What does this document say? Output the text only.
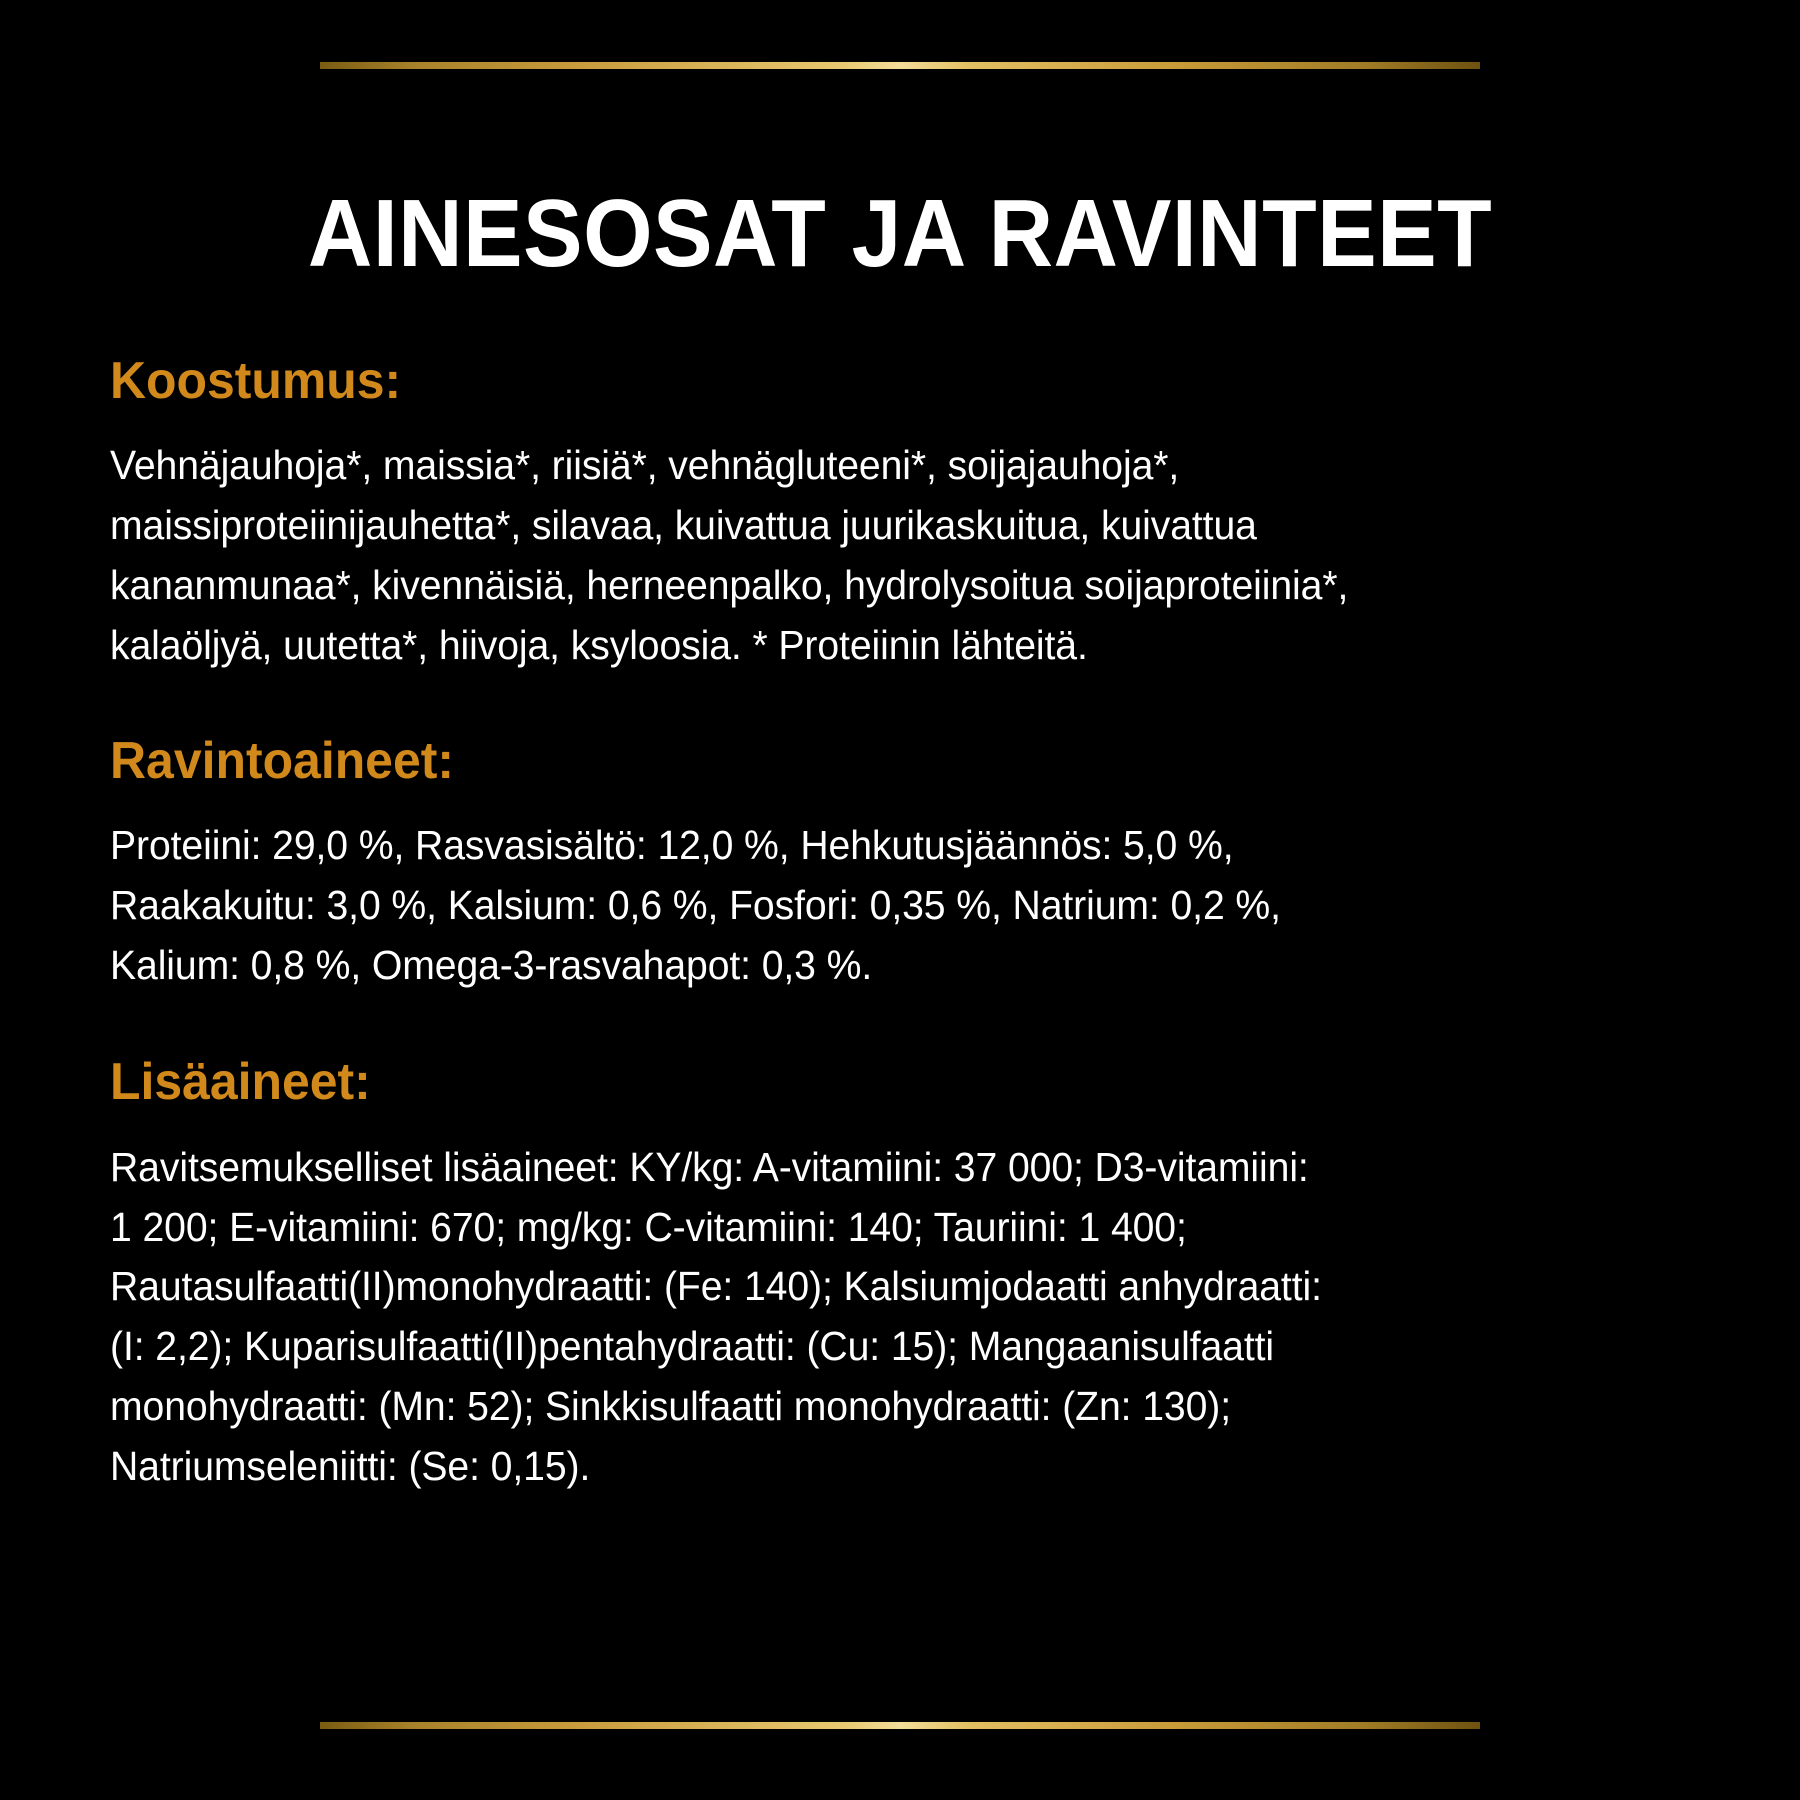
AINESOSAT JA RAVINTEET
Koostumus:

Vehnäjauhoja*, maissia*, riisiä*, vehnägluteeni*, soijajauhoja*,
maissiproteiinijauhetta*, silavaa, kuivattua juurikaskuitua, kuivattua
kananmunaa*, kivennäisiä, herneenpalko, hydrolysoitua soijaproteiinia*,
kalaöljyä, uutetta*, hiivoja, ksyloosia. * Proteiinin lähteitä.

Ravintoaineet:

Proteiini: 29,0 %, Rasvasisältö: 12,0 %, Hehkutusjäännös: 5,0 %,
Raakakuitu: 3,0 %, Kalsium: 0,6 %, Fosfori: 0,35 %, Natrium: 0,2 %,
Kalium: 0,8 %, Omega-3-rasvahapot: 0,3 %.

Lisäaineet:

Ravitsemukselliset lisäaineet: KY/kg: A-vitamiini: 37 000; D3-vitamiini:
1 200; E-vitamiini: 670; mg/kg: C-vitamiini: 140; Tauriini: 1 400;
Rautasulfaatti(II)monohydraatti: (Fe: 140); Kalsiumjodaatti anhydraatti:
(I: 2,2); Kuparisulfaatti(II)pentahydraatti: (Cu: 15); Mangaanisulfaatti
monohydraatti: (Mn: 52); Sinkkisulfaatti monohydraatti: (Zn: 130);
Natriumseleniitti: (Se: 0,15).
